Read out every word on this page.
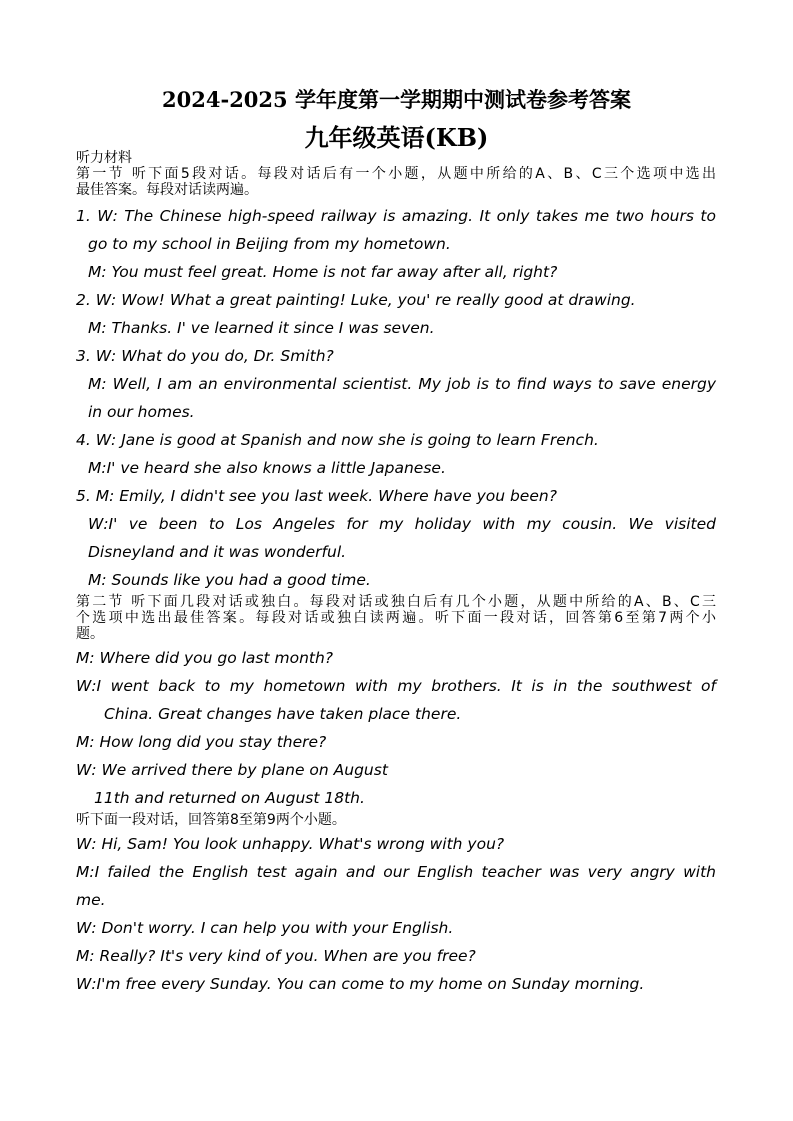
2024-2025 学年度第一学期期中测试卷参考答案
九年级英语(KB)
听力材料
第一节 听下面5段对话。每段对话后有一个小题，从题中所给的A、B、C三个选项中选出
最佳答案。每段对话读两遍。
1. W: The Chinese high-speed railway is amazing. It only takes me two hours to
go to my school in Beijing from my hometown.
M: You must feel great. Home is not far away after all, right?
2. W: Wow! What a great painting! Luke, you' re really good at drawing.
M: Thanks. I' ve learned it since I was seven.
3. W: What do you do, Dr. Smith?
M: Well, I am an environmental scientist. My job is to find ways to save energy
in our homes.
4. W: Jane is good at Spanish and now she is going to learn French.
M:I' ve heard she also knows a little Japanese.
5. M: Emily, I didn't see you last week. Where have you been?
W:I' ve been to Los Angeles for my holiday with my cousin. We visited
Disneyland and it was wonderful.
M: Sounds like you had a good time.
第二节 听下面几段对话或独白。每段对话或独白后有几个小题，从题中所给的A、B、C三
个选项中选出最佳答案。每段对话或独白读两遍。听下面一段对话，回答第6至第7两个小
题。
M: Where did you go last month?
W:I went back to my hometown with my brothers. It is in the southwest of
China. Great changes have taken place there.
M: How long did you stay there?
W: We arrived there by plane on August
11th and returned on August 18th.
听下面一段对话，回答第8至第9两个小题。
W: Hi, Sam! You look unhappy. What's wrong with you?
M:I failed the English test again and our English teacher was very angry with
me.
W: Don't worry. I can help you with your English.
M: Really? It's very kind of you. When are you free?
W:I'm free every Sunday. You can come to my home on Sunday morning.
